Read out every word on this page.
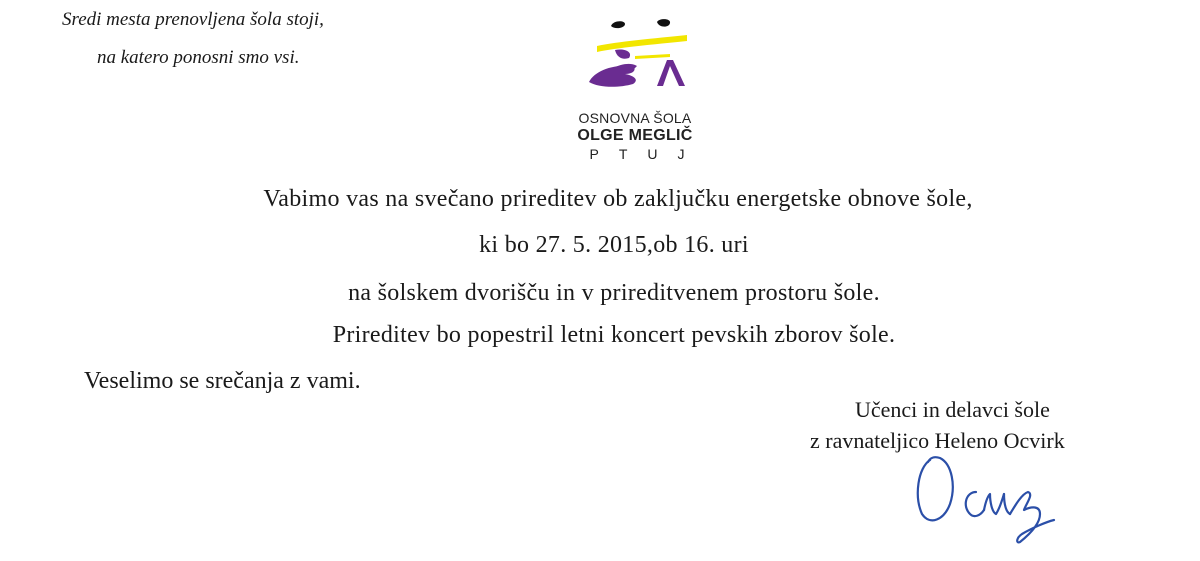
Sredi mesta prenovljena šola stoji,
na katero ponosni smo vsi.
OSNOVNA ŠOLA
OLGE MEGLIČ
PTUJ
Vabimo vas na svečano prireditev ob zaključku energetske obnove šole,
ki bo 27. 5. 2015,ob 16. uri
na šolskem dvorišču in v prireditvenem prostoru šole.
Prireditev bo popestril letni koncert pevskih zborov šole.
Veselimo se srečanja z vami.
Učenci in delavci šole
z ravnateljico Heleno Ocvirk
